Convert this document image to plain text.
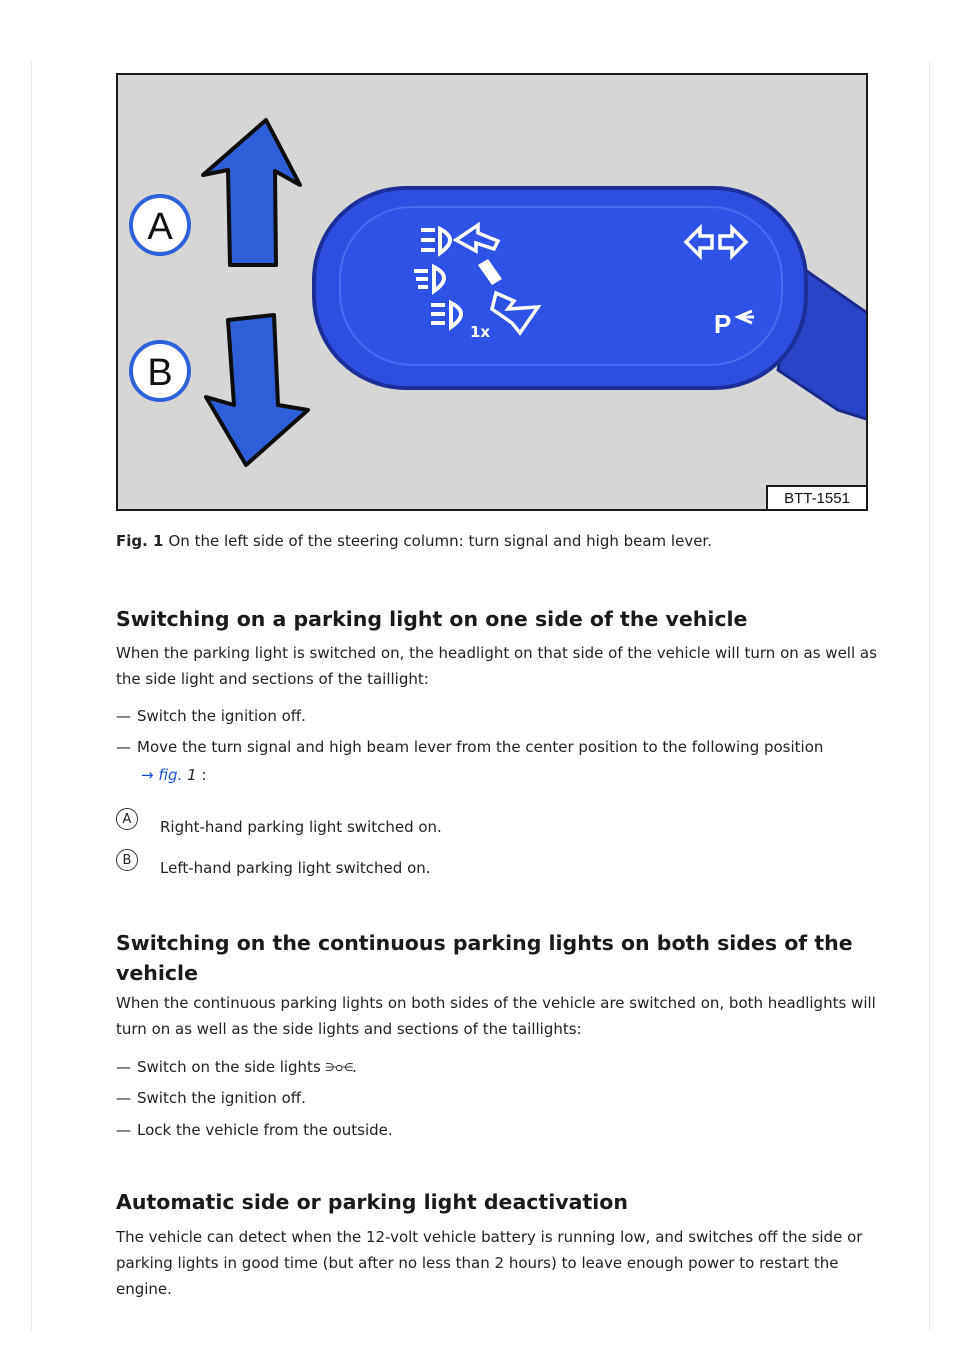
1x	P
A
B
BTT-1551
Fig. 1 On the left side of the steering column: turn signal and high beam lever.
Switching on a parking light on one side of the vehicle

When the parking light is switched on, the headlight on that side of the vehicle will turn on as well as the side light and sections of the taillight:

— Switch the ignition off.
— Move the turn signal and high beam lever from the center position to the following position
→ fig. 1 :
A	Right-hand parking light switched on.
B	Left-hand parking light switched on.
Switching on the continuous parking lights on both sides of the vehicle

When the continuous parking lights on both sides of the vehicle are switched on, both headlights will turn on as well as the side lights and sections of the taillights:

— Switch on the side lights ⋺ᴑ⋲.
— Switch the ignition off.
— Lock the vehicle from the outside.
Automatic side or parking light deactivation

The vehicle can detect when the 12-volt vehicle battery is running low, and switches off the side or parking lights in good time (but after no less than 2 hours) to leave enough power to restart the engine.
